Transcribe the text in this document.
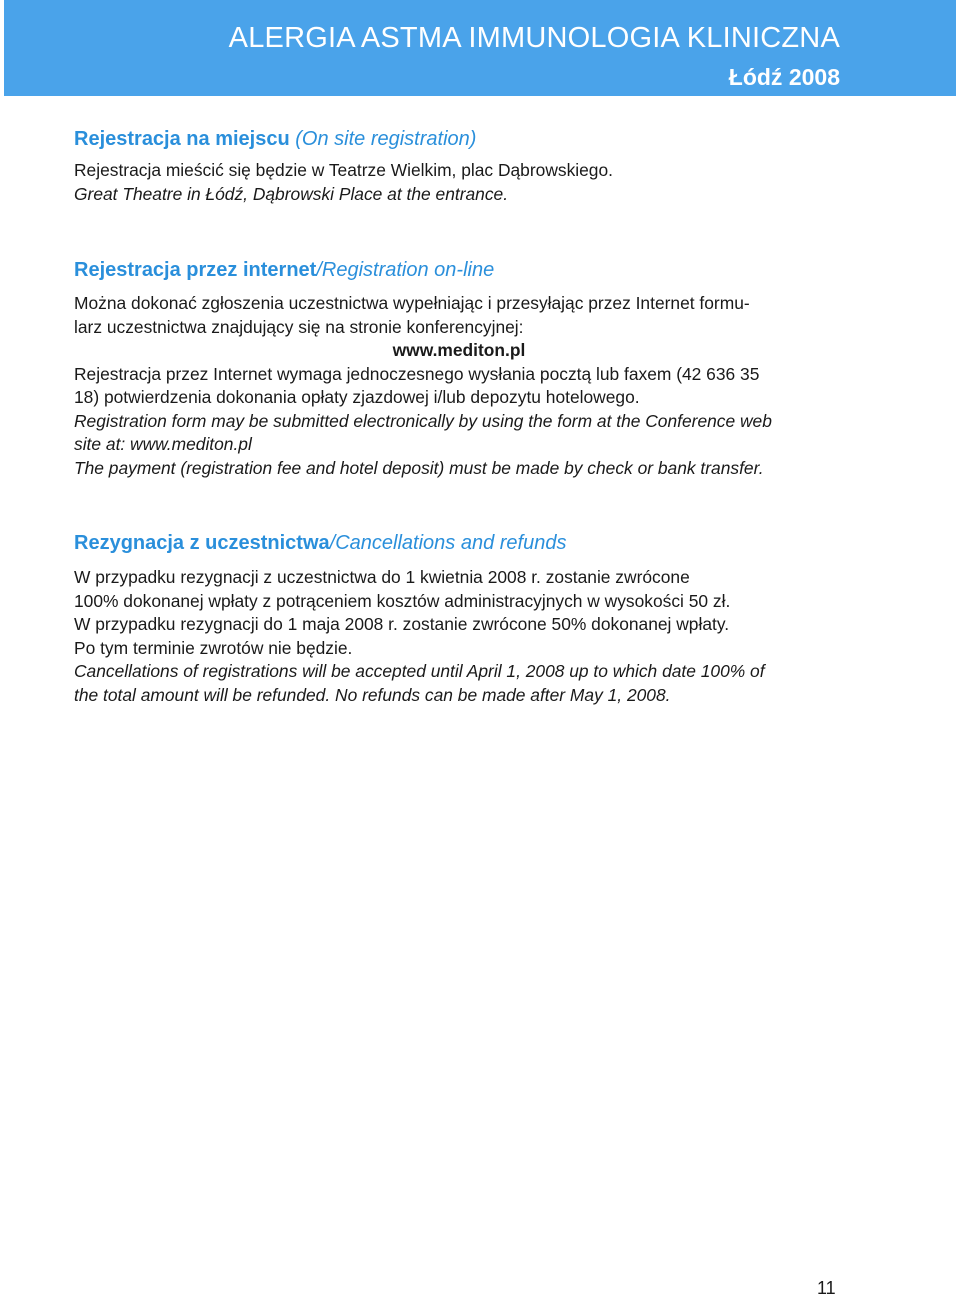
ALERGIA ASTMA IMMUNOLOGIA KLINICZNA
Łódź 2008
Rejestracja na miejscu (On site registration)

Rejestracja mieścić się będzie w Teatrze Wielkim, plac Dąbrowskiego.

Great Theatre in Łódź, Dąbrowski Place at the entrance.

Rejestracja przez internet/Registration on-line

Można dokonać zgłoszenia uczestnictwa wypełniając i przesyłając przez Internet formu-

larz uczestnictwa znajdujący się na stronie konferencyjnej:

www.mediton.pl

Rejestracja przez Internet wymaga jednoczesnego wysłania pocztą lub faxem (42 636 35

18) potwierdzenia dokonania opłaty zjazdowej i/lub depozytu hotelowego.

Registration form may be submitted electronically by using the form at the Conference web

site at: www.mediton.pl

The payment (registration fee and hotel deposit) must be made by check or bank transfer.

Rezygnacja z uczestnictwa/Cancellations and refunds

W przypadku rezygnacji z uczestnictwa do 1 kwietnia 2008 r. zostanie zwrócone

100% dokonanej wpłaty z potrąceniem kosztów administracyjnych w wysokości 50 zł.

W przypadku rezygnacji do 1 maja 2008 r. zostanie zwrócone 50% dokonanej wpłaty.

Po tym terminie zwrotów nie będzie.

Cancellations of registrations will be accepted until April 1, 2008 up to which date 100% of

the total amount will be refunded. No refunds can be made after May 1, 2008.

11
